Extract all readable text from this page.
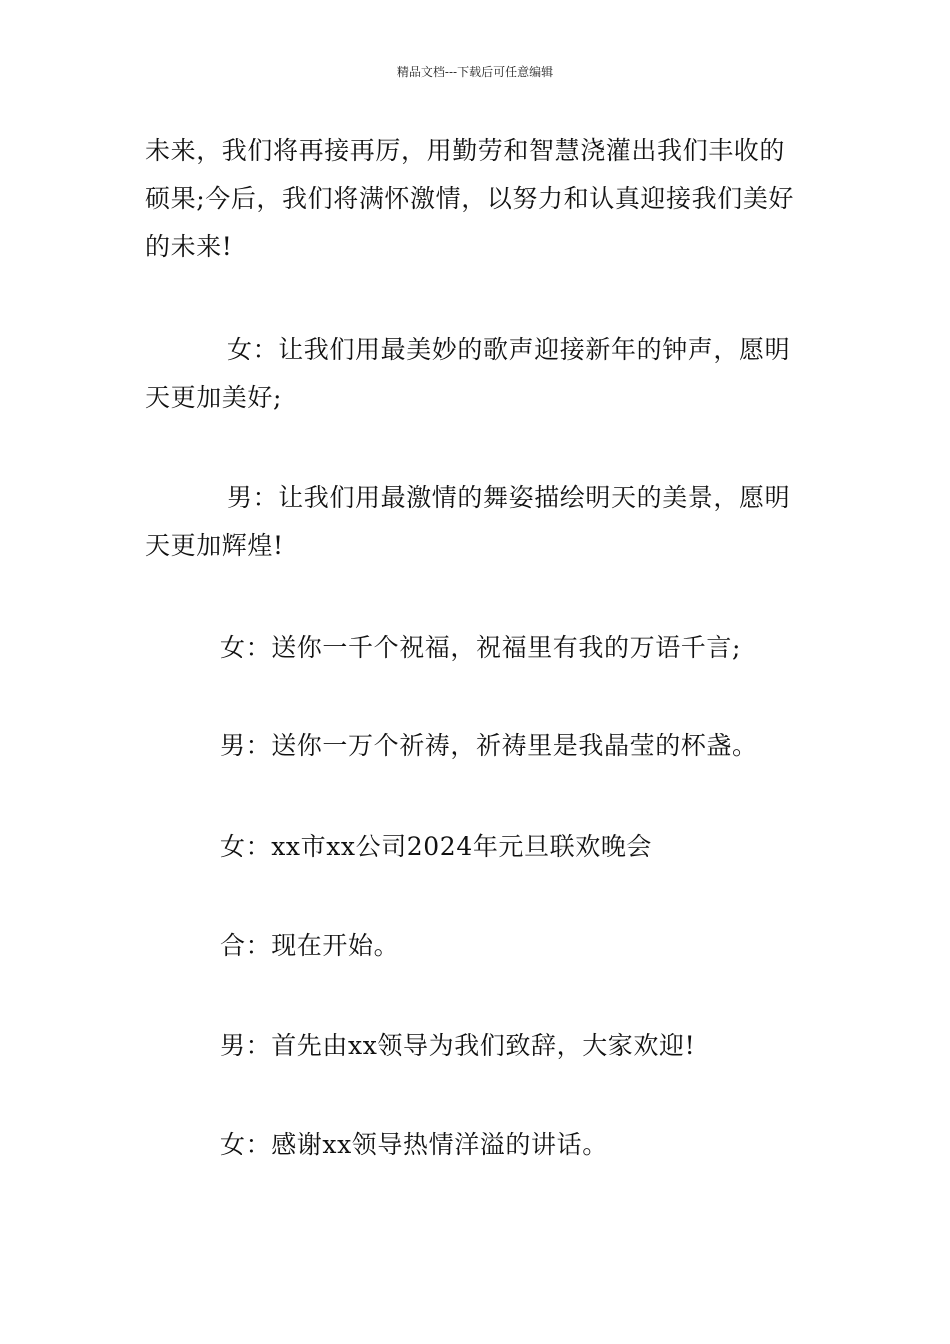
精品文档---下载后可任意编辑
未来，我们将再接再厉，用勤劳和智慧浇灌出我们丰收的
硕果;今后，我们将满怀激情，以努力和认真迎接我们美好
的未来!
女：让我们用最美妙的歌声迎接新年的钟声，愿明
天更加美好;
男：让我们用最激情的舞姿描绘明天的美景，愿明
天更加辉煌!
女：送你一千个祝福，祝福里有我的万语千言;
男：送你一万个祈祷，祈祷里是我晶莹的杯盏。
女：xx市xx公司2024年元旦联欢晚会
合：现在开始。
男：首先由xx领导为我们致辞，大家欢迎!
女：感谢xx领导热情洋溢的讲话。
